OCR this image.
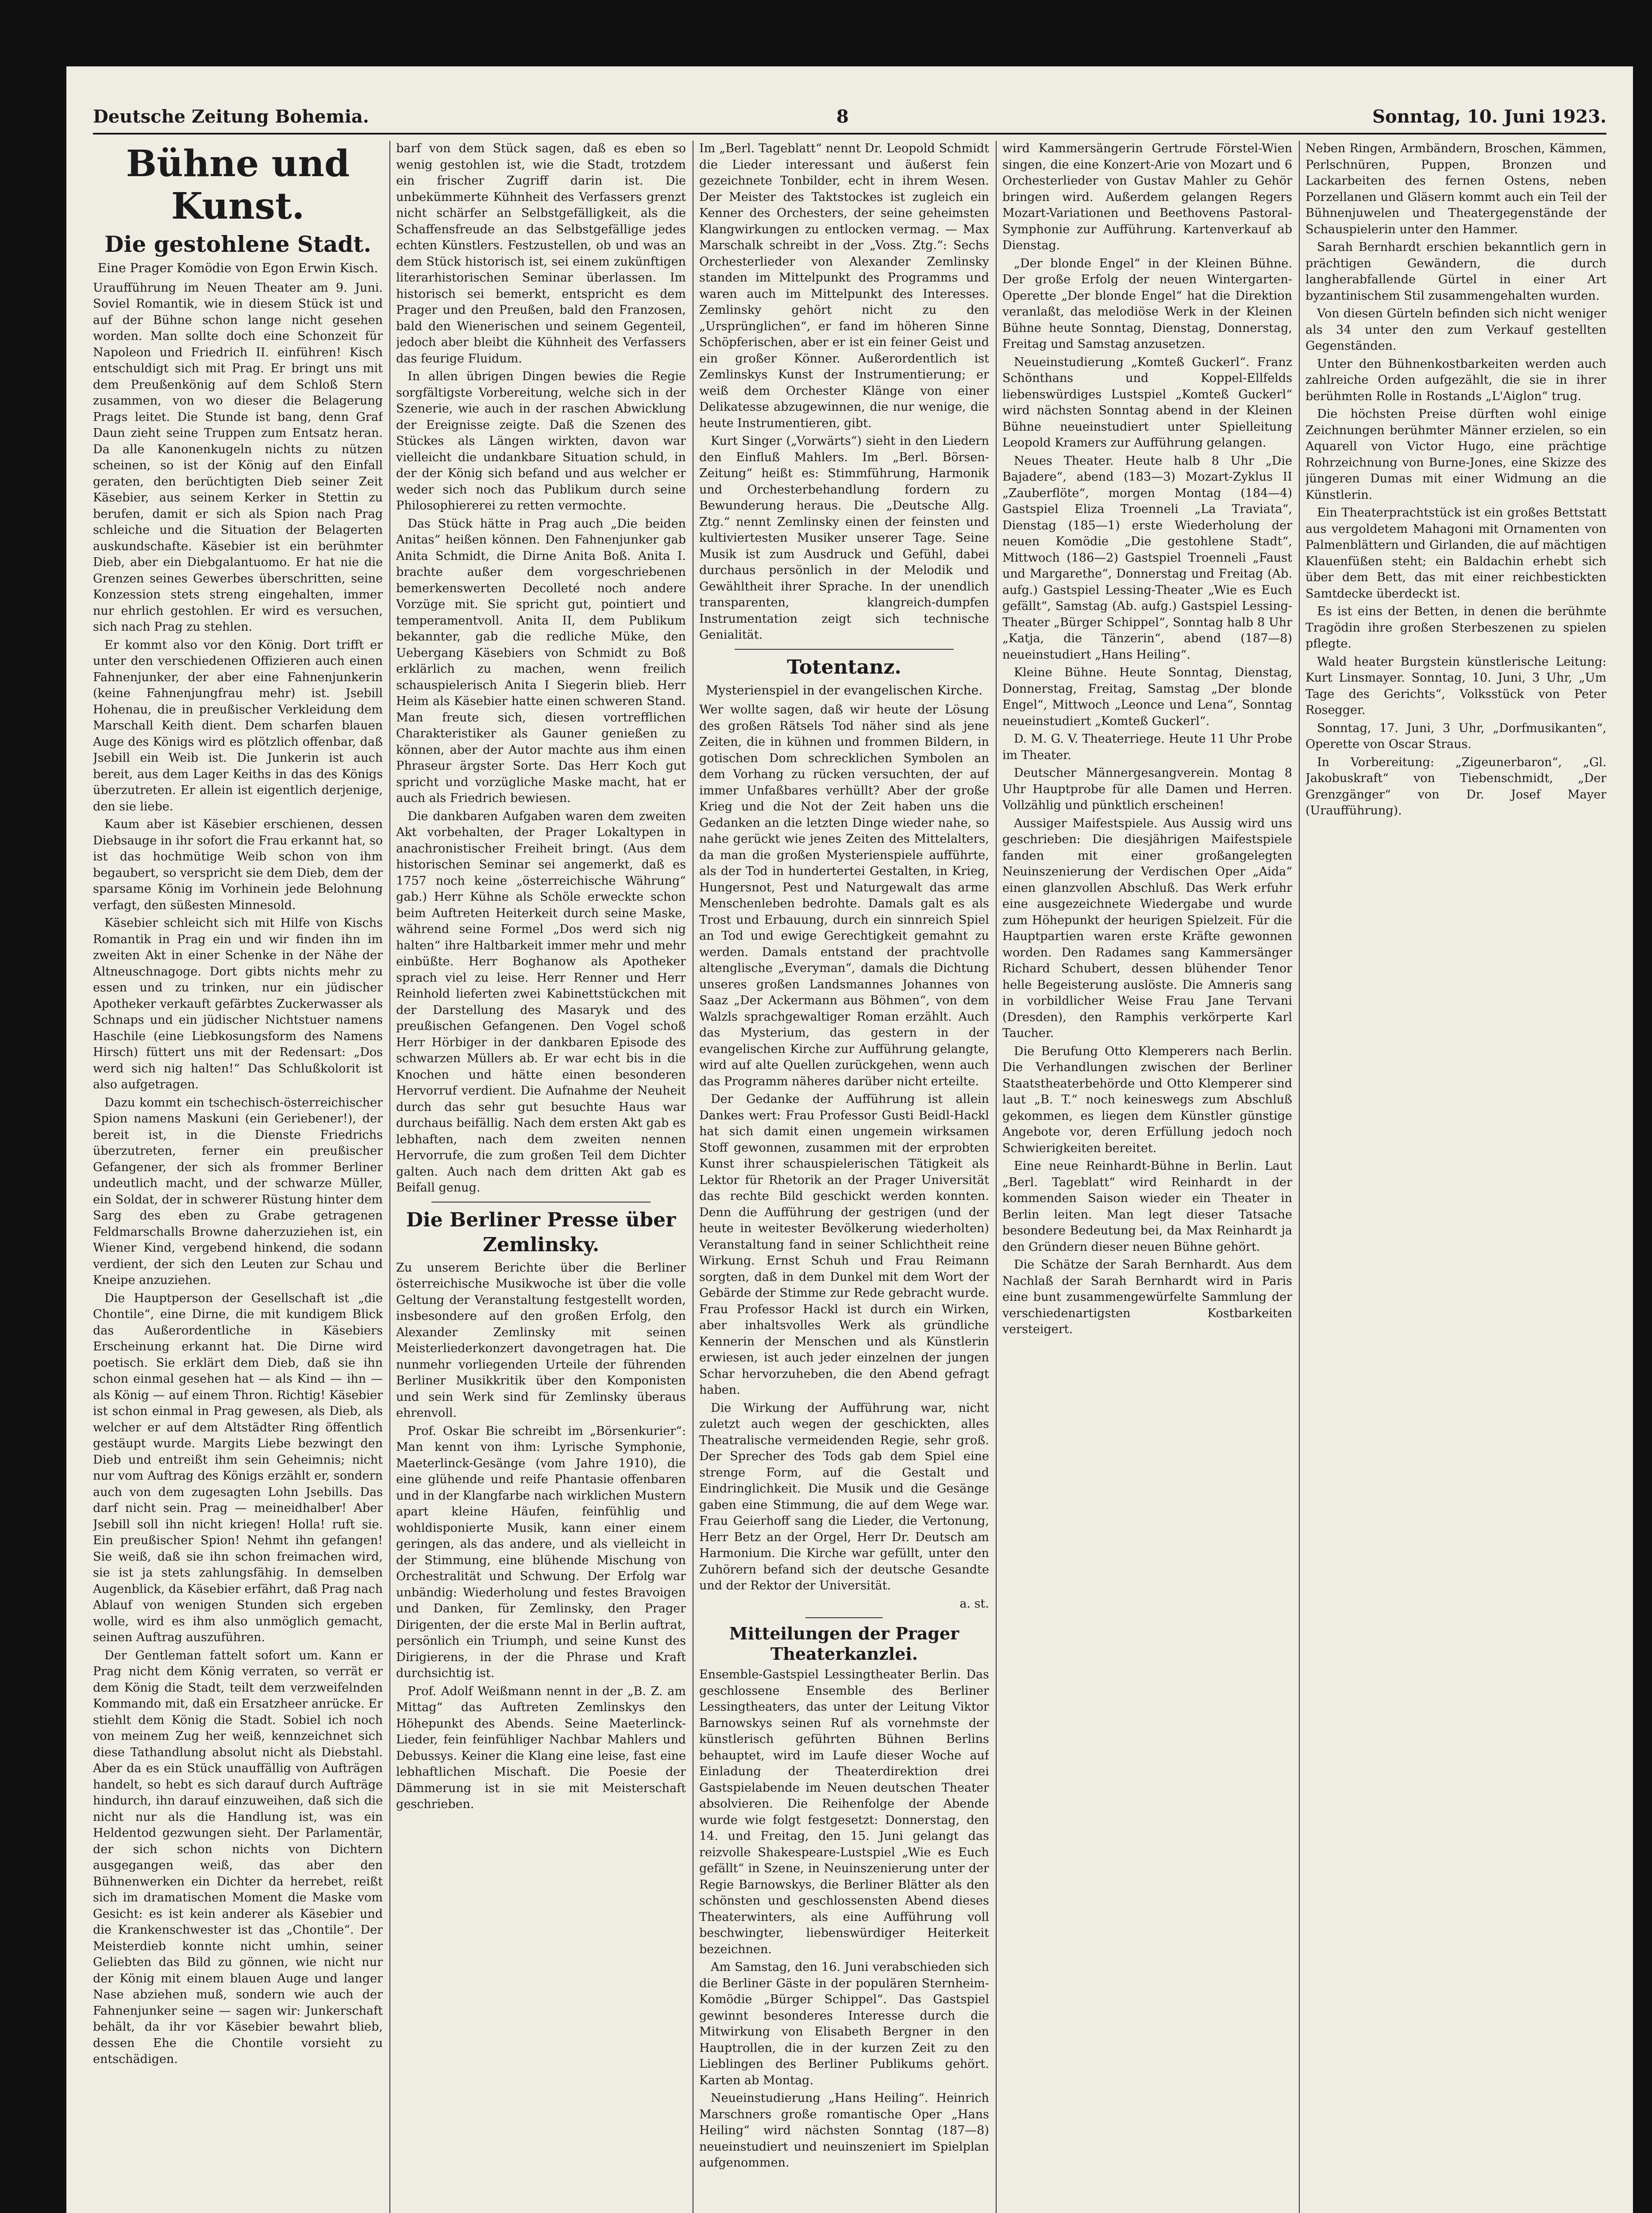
Deutsche Zeitung Bohemia.	8	Sonntag, 10. Juni 1923.
Bühne und Kunst.
Die gestohlene Stadt.
Eine Prager Komödie von Egon Erwin Kisch.

Uraufführung im Neuen Theater am 9. Juni. Soviel Romantik, wie in diesem Stück ist und auf der Bühne schon lange nicht gesehen worden. Man sollte doch eine Schonzeit für Napoleon und Friedrich II. einführen! Kisch entschuldigt sich mit Prag. Er bringt uns mit dem Preußenkönig auf dem Schloß Stern zusammen, von wo dieser die Belagerung Prags leitet. Die Stunde ist bang, denn Graf Daun zieht seine Truppen zum Entsatz heran. Da alle Kanonenkugeln nichts zu nützen scheinen, so ist der König auf den Einfall geraten, den berüchtigten Dieb seiner Zeit Käsebier, aus seinem Kerker in Stettin zu berufen, damit er sich als Spion nach Prag schleiche und die Situation der Belagerten auskundschafte. Käsebier ist ein berühmter Dieb, aber ein Diebgalantuomo. Er hat nie die Grenzen seines Gewerbes überschritten, seine Konzession stets streng eingehalten, immer nur ehrlich gestohlen. Er wird es versuchen, sich nach Prag zu stehlen.

Er kommt also vor den König. Dort trifft er unter den verschiedenen Offizieren auch einen Fahnenjunker, der aber eine Fahnenjunkerin (keine Fahnenjungfrau mehr) ist. Jsebill Hohenau, die in preußischer Verkleidung dem Marschall Keith dient. Dem scharfen blauen Auge des Königs wird es plötzlich offenbar, daß Jsebill ein Weib ist. Die Junkerin ist auch bereit, aus dem Lager Keiths in das des Königs überzutreten. Er allein ist eigentlich derjenige, den sie liebe.

Kaum aber ist Käsebier erschienen, dessen Diebsauge in ihr sofort die Frau erkannt hat, so ist das hochmütige Weib schon von ihm begaubert, so verspricht sie dem Dieb, dem der sparsame König im Vorhinein jede Belohnung verfagt, den süßesten Minnesold.

Käsebier schleicht sich mit Hilfe von Kischs Romantik in Prag ein und wir finden ihn im zweiten Akt in einer Schenke in der Nähe der Altneuschnagoge. Dort gibts nichts mehr zu essen und zu trinken, nur ein jüdischer Apotheker verkauft gefärbtes Zuckerwasser als Schnaps und ein jüdischer Nichtstuer namens Haschile (eine Liebkosungsform des Namens Hirsch) füttert uns mit der Redensart: „Dos werd sich nig halten!“ Das Schlußkolorit ist also aufgetragen.

Dazu kommt ein tschechisch-österreichischer Spion namens Maskuni (ein Geriebener!), der bereit ist, in die Dienste Friedrichs überzutreten, ferner ein preußischer Gefangener, der sich als frommer Berliner undeutlich macht, und der schwarze Müller, ein Soldat, der in schwerer Rüstung hinter dem Sarg des eben zu Grabe getragenen Feldmarschalls Browne daherzuziehen ist, ein Wiener Kind, vergebend hinkend, die sodann verdient, der sich den Leuten zur Schau und Kneipe anzuziehen.

Die Hauptperson der Gesellschaft ist „die Chontile“, eine Dirne, die mit kundigem Blick das Außerordentliche in Käsebiers Erscheinung erkannt hat. Die Dirne wird poetisch. Sie erklärt dem Dieb, daß sie ihn schon einmal gesehen hat — als Kind — ihn — als König — auf einem Thron. Richtig! Käsebier ist schon einmal in Prag gewesen, als Dieb, als welcher er auf dem Altstädter Ring öffentlich gestäupt wurde. Margits Liebe bezwingt den Dieb und entreißt ihm sein Geheimnis; nicht nur vom Auftrag des Königs erzählt er, sondern auch von dem zugesagten Lohn Jsebills. Das darf nicht sein. Prag — meineidhalber! Aber Jsebill soll ihn nicht kriegen! Holla! ruft sie. Ein preußischer Spion! Nehmt ihn gefangen! Sie weiß, daß sie ihn schon freimachen wird, sie ist ja stets zahlungsfähig. In demselben Augenblick, da Käsebier erfährt, daß Prag nach Ablauf von wenigen Stunden sich ergeben wolle, wird es ihm also unmöglich gemacht, seinen Auftrag auszuführen.

Der Gentleman fattelt sofort um. Kann er Prag nicht dem König verraten, so verrät er dem König die Stadt, teilt dem verzweifelnden Kommando mit, daß ein Ersatzheer anrücke. Er stiehlt dem König die Stadt. Sobiel ich noch von meinem Zug her weiß, kennzeichnet sich diese Tathandlung absolut nicht als Diebstahl. Aber da es ein Stück unauffällig von Aufträgen handelt, so hebt es sich darauf durch Aufträge hindurch, ihn darauf einzuweihen, daß sich die nicht nur als die Handlung ist, was ein Heldentod gezwungen sieht. Der Parlamentär, der sich schon nichts von Dichtern ausgegangen weiß, das aber den Bühnenwerken ein Dichter da herrebet, reißt sich im dramatischen Moment die Maske vom Gesicht: es ist kein anderer als Käsebier und die Krankenschwester ist das „Chontile“. Der Meisterdieb konnte nicht umhin, seiner Geliebten das Bild zu gönnen, wie nicht nur der König mit einem blauen Auge und langer Nase abziehen muß, sondern wie auch der Fahnenjunker seine — sagen wir: Junkerschaft behält, da ihr vor Käsebier bewahrt blieb, dessen Ehe die Chontile vorsieht zu entschädigen.

barf von dem Stück sagen, daß es eben so wenig gestohlen ist, wie die Stadt, trotzdem ein frischer Zugriff darin ist. Die unbekümmerte Kühnheit des Verfassers grenzt nicht schärfer an Selbstgefälligkeit, als die Schaffensfreude an das Selbstgefällige jedes echten Künstlers. Festzustellen, ob und was an dem Stück historisch ist, sei einem zukünftigen literarhistorischen Seminar überlassen. Im historisch sei bemerkt, entspricht es dem Prager und den Preußen, bald den Franzosen, bald den Wienerischen und seinem Gegenteil, jedoch aber bleibt die Kühnheit des Verfassers das feurige Fluidum.

In allen übrigen Dingen bewies die Regie sorgfältigste Vorbereitung, welche sich in der Szenerie, wie auch in der raschen Abwicklung der Ereignisse zeigte. Daß die Szenen des Stückes als Längen wirkten, davon war vielleicht die undankbare Situation schuld, in der der König sich befand und aus welcher er weder sich noch das Publikum durch seine Philosophiererei zu retten vermochte.

Das Stück hätte in Prag auch „Die beiden Anitas“ heißen können. Den Fahnenjunker gab Anita Schmidt, die Dirne Anita Boß. Anita I. brachte außer dem vorgeschriebenen bemerkenswerten Decolleté noch andere Vorzüge mit. Sie spricht gut, pointiert und temperamentvoll. Anita II, dem Publikum bekannter, gab die redliche Müke, den Uebergang Käsebiers von Schmidt zu Boß erklärlich zu machen, wenn freilich schauspielerisch Anita I Siegerin blieb. Herr Heim als Käsebier hatte einen schweren Stand. Man freute sich, diesen vortrefflichen Charakteristiker als Gauner genießen zu können, aber der Autor machte aus ihm einen Phraseur ärgster Sorte. Das Herr Koch gut spricht und vorzügliche Maske macht, hat er auch als Friedrich bewiesen.

Die dankbaren Aufgaben waren dem zweiten Akt vorbehalten, der Prager Lokaltypen in anachronistischer Freiheit bringt. (Aus dem historischen Seminar sei angemerkt, daß es 1757 noch keine „österreichische Währung“ gab.) Herr Kühne als Schöle erweckte schon beim Auftreten Heiterkeit durch seine Maske, während seine Formel „Dos werd sich nig halten“ ihre Haltbarkeit immer mehr und mehr einbüßte. Herr Boghanow als Apotheker sprach viel zu leise. Herr Renner und Herr Reinhold lieferten zwei Kabinettstückchen mit der Darstellung des Masaryk und des preußischen Gefangenen. Den Vogel schoß Herr Hörbiger in der dankbaren Episode des schwarzen Müllers ab. Er war echt bis in die Knochen und hätte einen besonderen Hervorruf verdient. Die Aufnahme der Neuheit durch das sehr gut besuchte Haus war durchaus beifällig. Nach dem ersten Akt gab es lebhaften, nach dem zweiten nennen Hervorrufe, die zum großen Teil dem Dichter galten. Auch nach dem dritten Akt gab es Beifall genug.

Die Berliner Presse über Zemlinsky.

Zu unserem Berichte über die Berliner österreichische Musikwoche ist über die volle Geltung der Veranstaltung festgestellt worden, insbesondere auf den großen Erfolg, den Alexander Zemlinsky mit seinen Meisterliederkonzert davongetragen hat. Die nunmehr vorliegenden Urteile der führenden Berliner Musikkritik über den Komponisten und sein Werk sind für Zemlinsky überaus ehrenvoll.

Prof. Oskar Bie schreibt im „Börsenkurier“: Man kennt von ihm: Lyrische Symphonie, Maeterlinck-Gesänge (vom Jahre 1910), die eine glühende und reife Phantasie offenbaren und in der Klangfarbe nach wirklichen Mustern apart kleine Häufen, feinfühlig und wohldisponierte Musik, kann einer einem geringen, als das andere, und als vielleicht in der Stimmung, eine blühende Mischung von Orchestralität und Schwung. Der Erfolg war unbändig: Wiederholung und festes Bravoigen und Danken, für Zemlinsky, den Prager Dirigenten, der die erste Mal in Berlin auftrat, persönlich ein Triumph, und seine Kunst des Dirigierens, in der die Phrase und Kraft durchsichtig ist.

Prof. Adolf Weißmann nennt in der „B. Z. am Mittag“ das Auftreten Zemlinskys den Höhepunkt des Abends. Seine Maeterlinck-Lieder, fein feinfühliger Nachbar Mahlers und Debussys. Keiner die Klang eine leise, fast eine lebhaftlichen Mischaft. Die Poesie der Dämmerung ist in sie mit Meisterschaft geschrieben.

Im „Berl. Tageblatt“ nennt Dr. Leopold Schmidt die Lieder interessant und äußerst fein gezeichnete Tonbilder, echt in ihrem Wesen. Der Meister des Taktstockes ist zugleich ein Kenner des Orchesters, der seine geheimsten Klangwirkungen zu entlocken vermag. — Max Marschalk schreibt in der „Voss. Ztg.“: Sechs Orchesterlieder von Alexander Zemlinsky standen im Mittelpunkt des Programms und waren auch im Mittelpunkt des Interesses. Zemlinsky gehört nicht zu den „Ursprünglichen“, er fand im höheren Sinne Schöpferischen, aber er ist ein feiner Geist und ein großer Könner. Außerordentlich ist Zemlinskys Kunst der Instrumentierung; er weiß dem Orchester Klänge von einer Delikatesse abzugewinnen, die nur wenige, die heute Instrumentieren, gibt.

Kurt Singer („Vorwärts“) sieht in den Liedern den Einfluß Mahlers. Im „Berl. Börsen-Zeitung“ heißt es: Stimmführung, Harmonik und Orchesterbehandlung fordern zu Bewunderung heraus. Die „Deutsche Allg. Ztg.“ nennt Zemlinsky einen der feinsten und kultiviertesten Musiker unserer Tage. Seine Musik ist zum Ausdruck und Gefühl, dabei durchaus persönlich in der Melodik und Gewähltheit ihrer Sprache. In der unendlich transparenten, klangreich-dumpfen Instrumentation zeigt sich technische Genialität.

Totentanz.
Mysterienspiel in der evangelischen Kirche.

Wer wollte sagen, daß wir heute der Lösung des großen Rätsels Tod näher sind als jene Zeiten, die in kühnen und frommen Bildern, in gotischen Dom schrecklichen Symbolen an dem Vorhang zu rücken versuchten, der auf immer Unfaßbares verhüllt? Aber der große Krieg und die Not der Zeit haben uns die Gedanken an die letzten Dinge wieder nahe, so nahe gerückt wie jenes Zeiten des Mittelalters, da man die großen Mysterienspiele aufführte, als der Tod in hundertertei Gestalten, in Krieg, Hungersnot, Pest und Naturgewalt das arme Menschenleben bedrohte. Damals galt es als Trost und Erbauung, durch ein sinnreich Spiel an Tod und ewige Gerechtigkeit gemahnt zu werden. Damals entstand der prachtvolle altenglische „Everyman“, damals die Dichtung unseres großen Landsmannes Johannes von Saaz „Der Ackermann aus Böhmen“, von dem Walzls sprachgewaltiger Roman erzählt. Auch das Mysterium, das gestern in der evangelischen Kirche zur Aufführung gelangte, wird auf alte Quellen zurückgehen, wenn auch das Programm näheres darüber nicht erteilte.

Der Gedanke der Aufführung ist allein Dankes wert: Frau Professor Gusti Beidl-Hackl hat sich damit einen ungemein wirksamen Stoff gewonnen, zusammen mit der erprobten Kunst ihrer schauspielerischen Tätigkeit als Lektor für Rhetorik an der Prager Universität das rechte Bild geschickt werden konnten. Denn die Aufführung der gestrigen (und der heute in weitester Bevölkerung wiederholten) Veranstaltung fand in seiner Schlichtheit reine Wirkung. Ernst Schuh und Frau Reimann sorgten, daß in dem Dunkel mit dem Wort der Gebärde der Stimme zur Rede gebracht wurde. Frau Professor Hackl ist durch ein Wirken, aber inhaltsvolles Werk als gründliche Kennerin der Menschen und als Künstlerin erwiesen, ist auch jeder einzelnen der jungen Schar hervorzuheben, die den Abend gefragt haben.

Die Wirkung der Aufführung war, nicht zuletzt auch wegen der geschickten, alles Theatralische vermeidenden Regie, sehr groß. Der Sprecher des Tods gab dem Spiel eine strenge Form, auf die Gestalt und Eindringlichkeit. Die Musik und die Gesänge gaben eine Stimmung, die auf dem Wege war. Frau Geierhoff sang die Lieder, die Vertonung, Herr Betz an der Orgel, Herr Dr. Deutsch am Harmonium. Die Kirche war gefüllt, unter den Zuhörern befand sich der deutsche Gesandte und der Rektor der Universität.

a. st.

Mitteilungen der Prager Theaterkanzlei.

Ensemble-Gastspiel Lessingtheater Berlin. Das geschlossene Ensemble des Berliner Lessingtheaters, das unter der Leitung Viktor Barnowskys seinen Ruf als vornehmste der künstlerisch geführten Bühnen Berlins behauptet, wird im Laufe dieser Woche auf Einladung der Theaterdirektion drei Gastspielabende im Neuen deutschen Theater absolvieren. Die Reihenfolge der Abende wurde wie folgt festgesetzt: Donnerstag, den 14. und Freitag, den 15. Juni gelangt das reizvolle Shakespeare-Lustspiel „Wie es Euch gefällt“ in Szene, in Neuinszenierung unter der Regie Barnowskys, die Berliner Blätter als den schönsten und geschlossensten Abend dieses Theaterwinters, als eine Aufführung voll beschwingter, liebenswürdiger Heiterkeit bezeichnen.

Am Samstag, den 16. Juni verabschieden sich die Berliner Gäste in der populären Sternheim-Komödie „Bürger Schippel“. Das Gastspiel gewinnt besonderes Interesse durch die Mitwirkung von Elisabeth Bergner in den Hauptrollen, die in der kurzen Zeit zu den Lieblingen des Berliner Publikums gehört. Karten ab Montag.

Neueinstudierung „Hans Heiling“. Heinrich Marschners große romantische Oper „Hans Heiling“ wird nächsten Sonntag (187—8) neueinstudiert und neuinszeniert im Spielplan aufgenommen.

wird Kammersängerin Gertrude Förstel-Wien singen, die eine Konzert-Arie von Mozart und 6 Orchesterlieder von Gustav Mahler zu Gehör bringen wird. Außerdem gelangen Regers Mozart-Variationen und Beethovens Pastoral-Symphonie zur Aufführung. Kartenverkauf ab Dienstag.

„Der blonde Engel“ in der Kleinen Bühne. Der große Erfolg der neuen Wintergarten-Operette „Der blonde Engel“ hat die Direktion veranlaßt, das melodiöse Werk in der Kleinen Bühne heute Sonntag, Dienstag, Donnerstag, Freitag und Samstag anzusetzen.

Neueinstudierung „Komteß Guckerl“. Franz Schönthans und Koppel-Ellfelds liebenswürdiges Lustspiel „Komteß Guckerl“ wird nächsten Sonntag abend in der Kleinen Bühne neueinstudiert unter Spielleitung Leopold Kramers zur Aufführung gelangen.

Neues Theater. Heute halb 8 Uhr „Die Bajadere“, abend (183—3) Mozart-Zyklus II „Zauberflöte“, morgen Montag (184—4) Gastspiel Eliza Troenneli „La Traviata“, Dienstag (185—1) erste Wiederholung der neuen Komödie „Die gestohlene Stadt“, Mittwoch (186—2) Gastspiel Troenneli „Faust und Margarethe“, Donnerstag und Freitag (Ab. aufg.) Gastspiel Lessing-Theater „Wie es Euch gefällt“, Samstag (Ab. aufg.) Gastspiel Lessing-Theater „Bürger Schippel“, Sonntag halb 8 Uhr „Katja, die Tänzerin“, abend (187—8) neueinstudiert „Hans Heiling“.

Kleine Bühne. Heute Sonntag, Dienstag, Donnerstag, Freitag, Samstag „Der blonde Engel“, Mittwoch „Leonce und Lena“, Sonntag neueinstudiert „Komteß Guckerl“.

D. M. G. V. Theaterriege. Heute 11 Uhr Probe im Theater.

Deutscher Männergesangverein. Montag 8 Uhr Hauptprobe für alle Damen und Herren. Vollzählig und pünktlich erscheinen!

Aussiger Maifestspiele. Aus Aussig wird uns geschrieben: Die diesjährigen Maifestspiele fanden mit einer großangelegten Neuinszenierung der Verdischen Oper „Aida“ einen glanzvollen Abschluß. Das Werk erfuhr eine ausgezeichnete Wiedergabe und wurde zum Höhepunkt der heurigen Spielzeit. Für die Hauptpartien waren erste Kräfte gewonnen worden. Den Radames sang Kammersänger Richard Schubert, dessen blühender Tenor helle Begeisterung auslöste. Die Amneris sang in vorbildlicher Weise Frau Jane Tervani (Dresden), den Ramphis verkörperte Karl Taucher.

Die Berufung Otto Klemperers nach Berlin. Die Verhandlungen zwischen der Berliner Staatstheaterbehörde und Otto Klemperer sind laut „B. T.“ noch keineswegs zum Abschluß gekommen, es liegen dem Künstler günstige Angebote vor, deren Erfüllung jedoch noch Schwierigkeiten bereitet.

Eine neue Reinhardt-Bühne in Berlin. Laut „Berl. Tageblatt“ wird Reinhardt in der kommenden Saison wieder ein Theater in Berlin leiten. Man legt dieser Tatsache besondere Bedeutung bei, da Max Reinhardt ja den Gründern dieser neuen Bühne gehört.

Die Schätze der Sarah Bernhardt. Aus dem Nachlaß der Sarah Bernhardt wird in Paris eine bunt zusammengewürfelte Sammlung der verschiedenartigsten Kostbarkeiten versteigert.

Neben Ringen, Armbändern, Broschen, Kämmen, Perlschnüren, Puppen, Bronzen und Lackarbeiten des fernen Ostens, neben Porzellanen und Gläsern kommt auch ein Teil der Bühnenjuwelen und Theatergegenstände der Schauspielerin unter den Hammer.

Sarah Bernhardt erschien bekanntlich gern in prächtigen Gewändern, die durch langherabfallende Gürtel in einer Art byzantinischem Stil zusammengehalten wurden.

Von diesen Gürteln befinden sich nicht weniger als 34 unter den zum Verkauf gestellten Gegenständen.

Unter den Bühnenkostbarkeiten werden auch zahlreiche Orden aufgezählt, die sie in ihrer berühmten Rolle in Rostands „L'Aiglon“ trug.

Die höchsten Preise dürften wohl einige Zeichnungen berühmter Männer erzielen, so ein Aquarell von Victor Hugo, eine prächtige Rohrzeichnung von Burne-Jones, eine Skizze des jüngeren Dumas mit einer Widmung an die Künstlerin.

Ein Theaterprachtstück ist ein großes Bettstatt aus vergoldetem Mahagoni mit Ornamenten von Palmenblättern und Girlanden, die auf mächtigen Klauenfüßen steht; ein Baldachin erhebt sich über dem Bett, das mit einer reichbestickten Samtdecke überdeckt ist.

Es ist eins der Betten, in denen die berühmte Tragödin ihre großen Sterbeszenen zu spielen pflegte.

Wald heater Burgstein künstlerische Leitung: Kurt Linsmayer. Sonntag, 10. Juni, 3 Uhr, „Um Tage des Gerichts“, Volksstück von Peter Rosegger.

Sonntag, 17. Juni, 3 Uhr, „Dorfmusikanten“, Operette von Oscar Straus.

In Vorbereitung: „Zigeunerbaron“, „Gl. Jakobuskraft“ von Tiebenschmidt, „Der Grenzgänger“ von Dr. Josef Mayer (Uraufführung).
